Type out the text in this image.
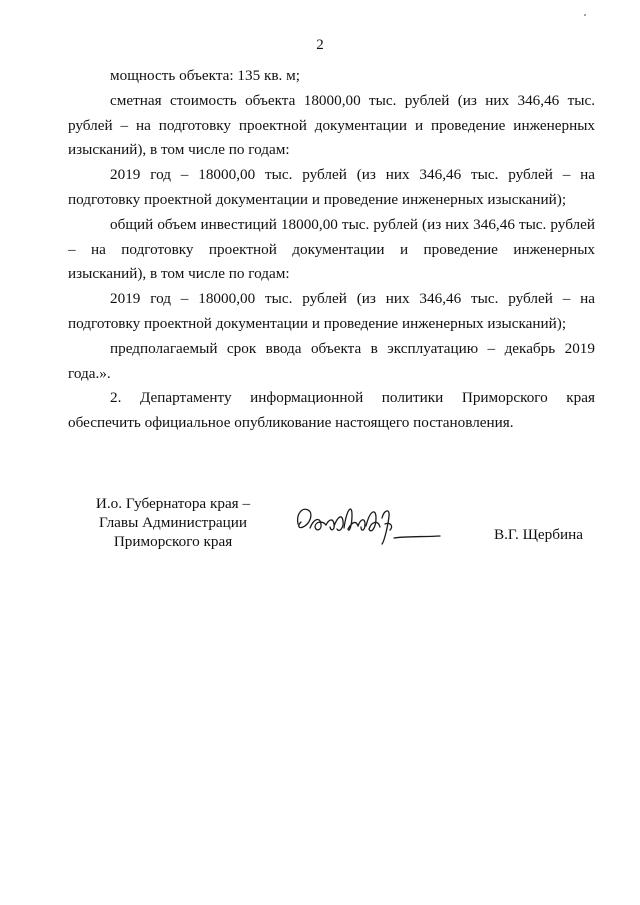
2

мощность объекта: 135 кв. м;

сметная стоимость объекта 18000,00 тыс. рублей (из них 346,46 тыс. рублей – на подготовку проектной документации и проведение инженерных изысканий), в том числе по годам:

2019 год – 18000,00 тыс. рублей (из них 346,46 тыс. рублей – на подготовку проектной документации и проведение инженерных изысканий);

общий объем инвестиций 18000,00 тыс. рублей (из них 346,46 тыс. рублей – на подготовку проектной документации и проведение инженерных изысканий), в том числе по годам:

2019 год – 18000,00 тыс. рублей (из них 346,46 тыс. рублей – на подготовку проектной документации и проведение инженерных изысканий);

предполагаемый срок ввода объекта в эксплуатацию – декабрь 2019 года.».

2. Департаменту информационной политики Приморского края обеспечить официальное опубликование настоящего постановления.

И.о. Губернатора края –
Главы Администрации
Приморского края	В.Г. Щербина
